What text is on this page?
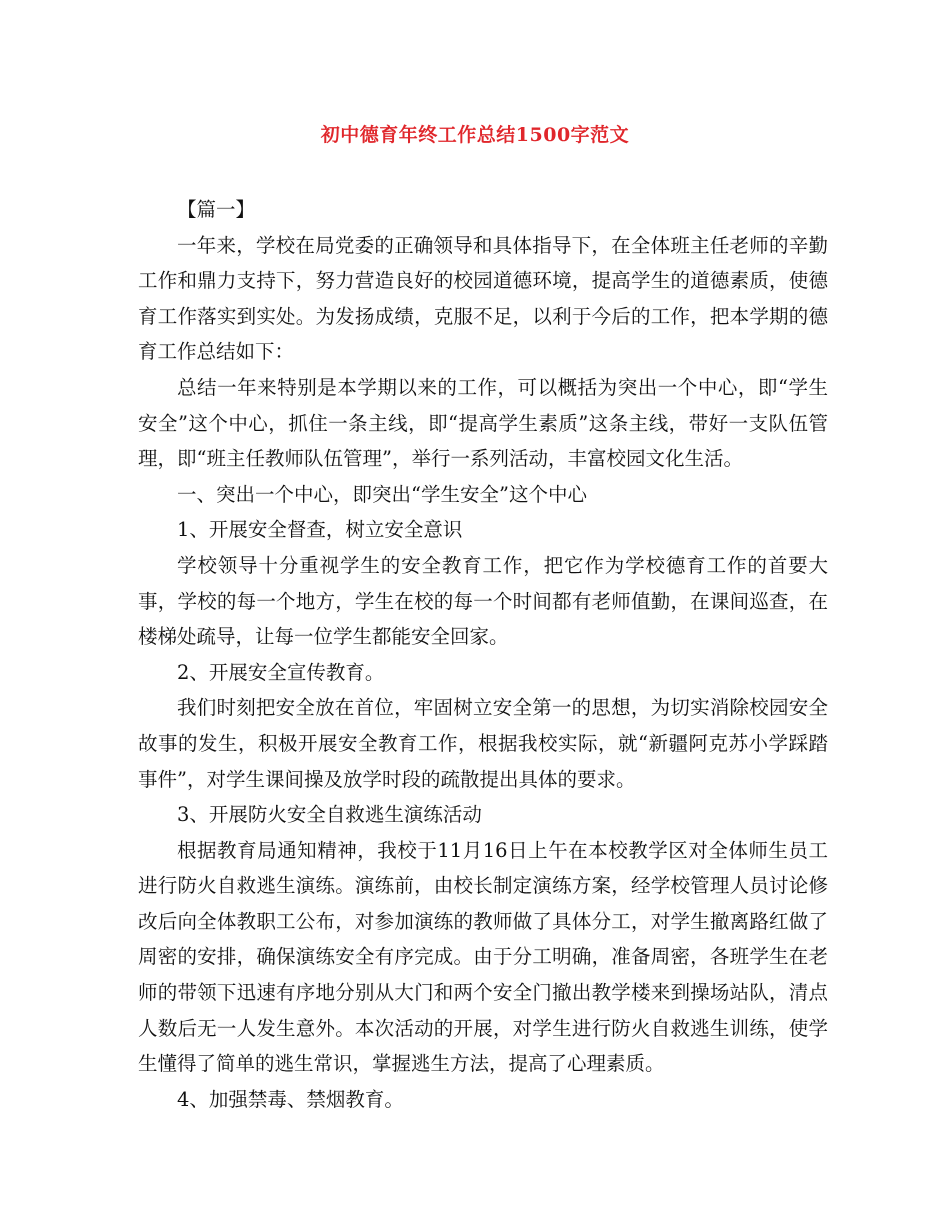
初中德育年终工作总结1500字范文

【篇一】

一年来，学校在局党委的正确领导和具体指导下，在全体班主任老师的辛勤工作和鼎力支持下，努力营造良好的校园道德环境，提高学生的道德素质，使德育工作落实到实处。为发扬成绩，克服不足，以利于今后的工作，把本学期的德育工作总结如下：

总结一年来特别是本学期以来的工作，可以概括为突出一个中心，即“学生安全”这个中心，抓住一条主线，即“提高学生素质”这条主线，带好一支队伍管理，即“班主任教师队伍管理”，举行一系列活动，丰富校园文化生活。

一、突出一个中心，即突出“学生安全”这个中心

1、开展安全督查，树立安全意识

学校领导十分重视学生的安全教育工作，把它作为学校德育工作的首要大事，学校的每一个地方，学生在校的每一个时间都有老师值勤，在课间巡查，在楼梯处疏导，让每一位学生都能安全回家。

2、开展安全宣传教育。

我们时刻把安全放在首位，牢固树立安全第一的思想，为切实消除校园安全故事的发生，积极开展安全教育工作，根据我校实际，就“新疆阿克苏小学踩踏事件”，对学生课间操及放学时段的疏散提出具体的要求。

3、开展防火安全自救逃生演练活动

根据教育局通知精神，我校于11月16日上午在本校教学区对全体师生员工进行防火自救逃生演练。演练前，由校长制定演练方案，经学校管理人员讨论修改后向全体教职工公布，对参加演练的教师做了具体分工，对学生撤离路红做了周密的安排，确保演练安全有序完成。由于分工明确，准备周密，各班学生在老师的带领下迅速有序地分别从大门和两个安全门撤出教学楼来到操场站队，清点人数后无一人发生意外。本次活动的开展，对学生进行防火自救逃生训练，使学生懂得了简单的逃生常识，掌握逃生方法，提高了心理素质。

4、加强禁毒、禁烟教育。
